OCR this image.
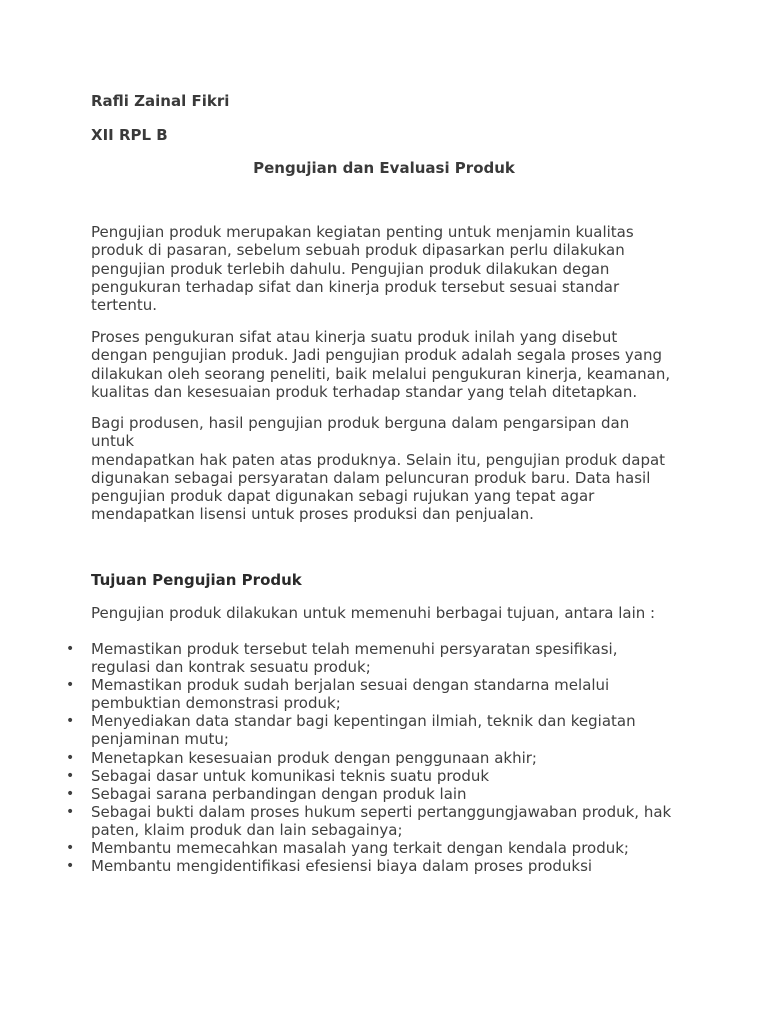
Rafli Zainal Fikri

XII RPL B

Pengujian dan Evaluasi Produk

Pengujian produk merupakan kegiatan penting untuk menjamin kualitas
produk di pasaran, sebelum sebuah produk dipasarkan perlu dilakukan
pengujian produk terlebih dahulu. Pengujian produk dilakukan degan
pengukuran terhadap sifat dan kinerja produk tersebut sesuai standar
tertentu.

Proses pengukuran sifat atau kinerja suatu produk inilah yang disebut
dengan pengujian produk. Jadi pengujian produk adalah segala proses yang
dilakukan oleh seorang peneliti, baik melalui pengukuran kinerja, keamanan,
kualitas dan kesesuaian produk terhadap standar yang telah ditetapkan.

Bagi produsen, hasil pengujian produk berguna dalam pengarsipan dan
untuk
mendapatkan hak paten atas produknya. Selain itu, pengujian produk dapat
digunakan sebagai persyaratan dalam peluncuran produk baru. Data hasil
pengujian produk dapat digunakan sebagi rujukan yang tepat agar
mendapatkan lisensi untuk proses produksi dan penjualan.

Tujuan Pengujian Produk

Pengujian produk dilakukan untuk memenuhi berbagai tujuan, antara lain :

• Memastikan produk tersebut telah memenuhi persyaratan spesifikasi,
regulasi dan kontrak sesuatu produk;
• Memastikan produk sudah berjalan sesuai dengan standarna melalui
pembuktian demonstrasi produk;
• Menyediakan data standar bagi kepentingan ilmiah, teknik dan kegiatan
penjaminan mutu;
• Menetapkan kesesuaian produk dengan penggunaan akhir;
• Sebagai dasar untuk komunikasi teknis suatu produk
• Sebagai sarana perbandingan dengan produk lain
• Sebagai bukti dalam proses hukum seperti pertanggungjawaban produk, hak
paten, klaim produk dan lain sebagainya;
• Membantu memecahkan masalah yang terkait dengan kendala produk;
• Membantu mengidentifikasi efesiensi biaya dalam proses produksi
